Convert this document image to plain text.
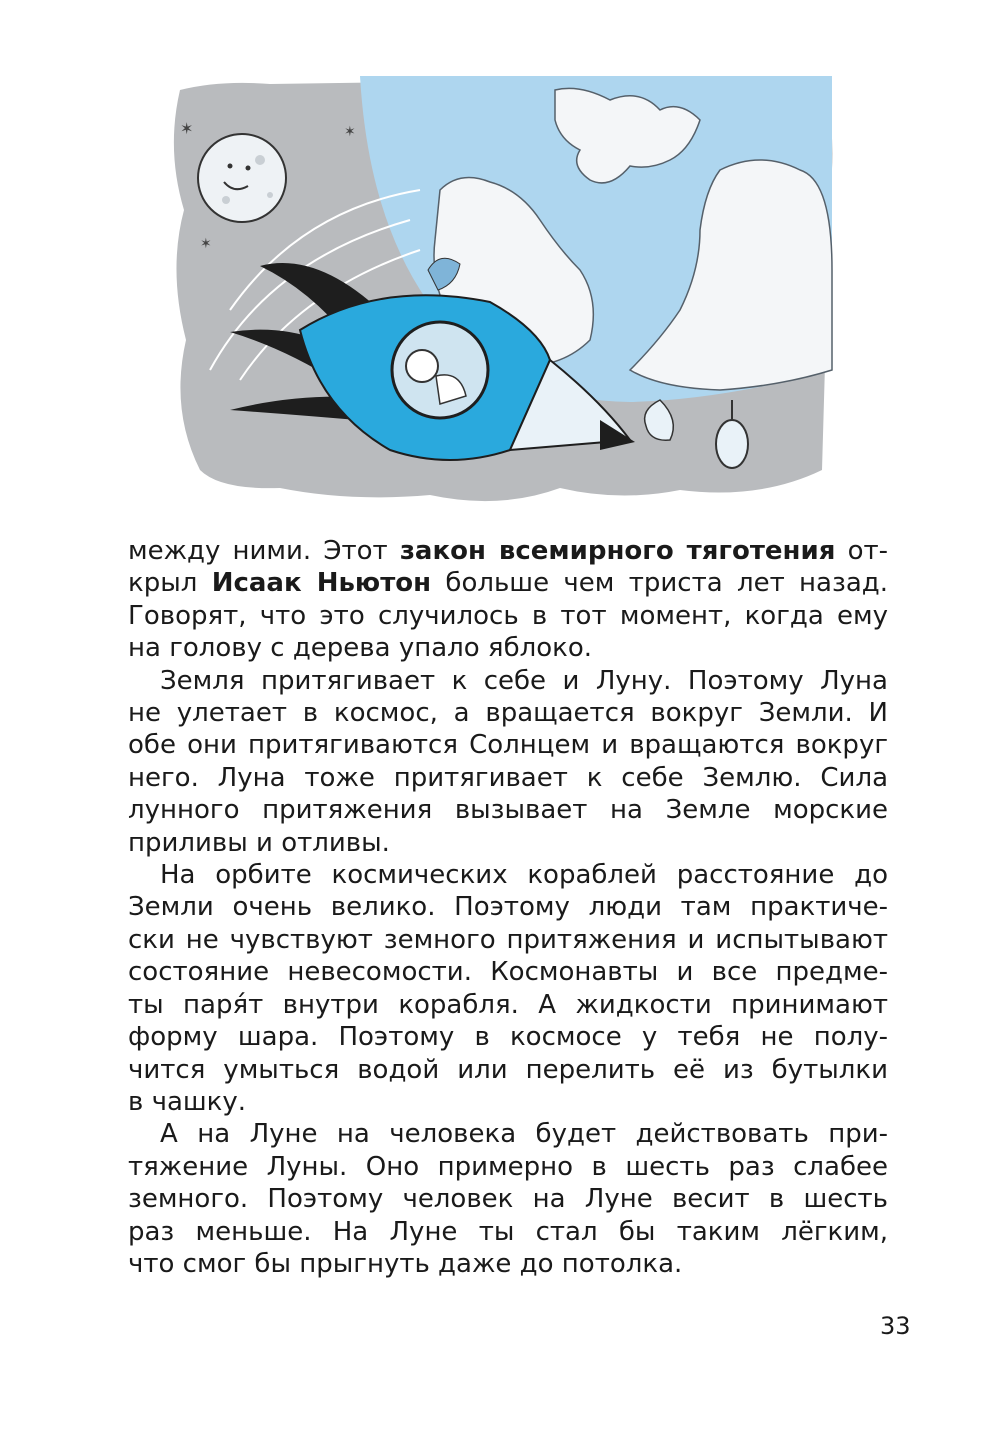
✶	✶
✶

между ними. Этот закон всемирного тяготения от-
крыл Исаак Ньютон больше чем триста лет назад.
Говорят, что это случилось в тот момент, когда ему
на голову с дерева упало яблоко.

Земля притягивает к себе и Луну. Поэтому Луна
не улетает в космос, а вращается вокруг Земли. И
обе они притягиваются Солнцем и вращаются вокруг
него. Луна тоже притягивает к себе Землю. Сила
лунного притяжения вызывает на Земле морские
приливы и отливы.

На орбите космических кораблей расстояние до
Земли очень велико. Поэтому люди там практиче-
ски не чувствуют земного притяжения и испытывают
состояние невесомости. Космонавты и все предме-
ты паря́т внутри корабля. А жидкости принимают
форму шара. Поэтому в космосе у тебя не полу-
чится умыться водой или перелить её из бутылки
в чашку.

А на Луне на человека будет действовать при-
тяжение Луны. Оно примерно в шесть раз слабее
земного. Поэтому человек на Луне весит в шесть
раз меньше. На Луне ты стал бы таким лёгким,
что смог бы прыгнуть даже до потолка.

33
